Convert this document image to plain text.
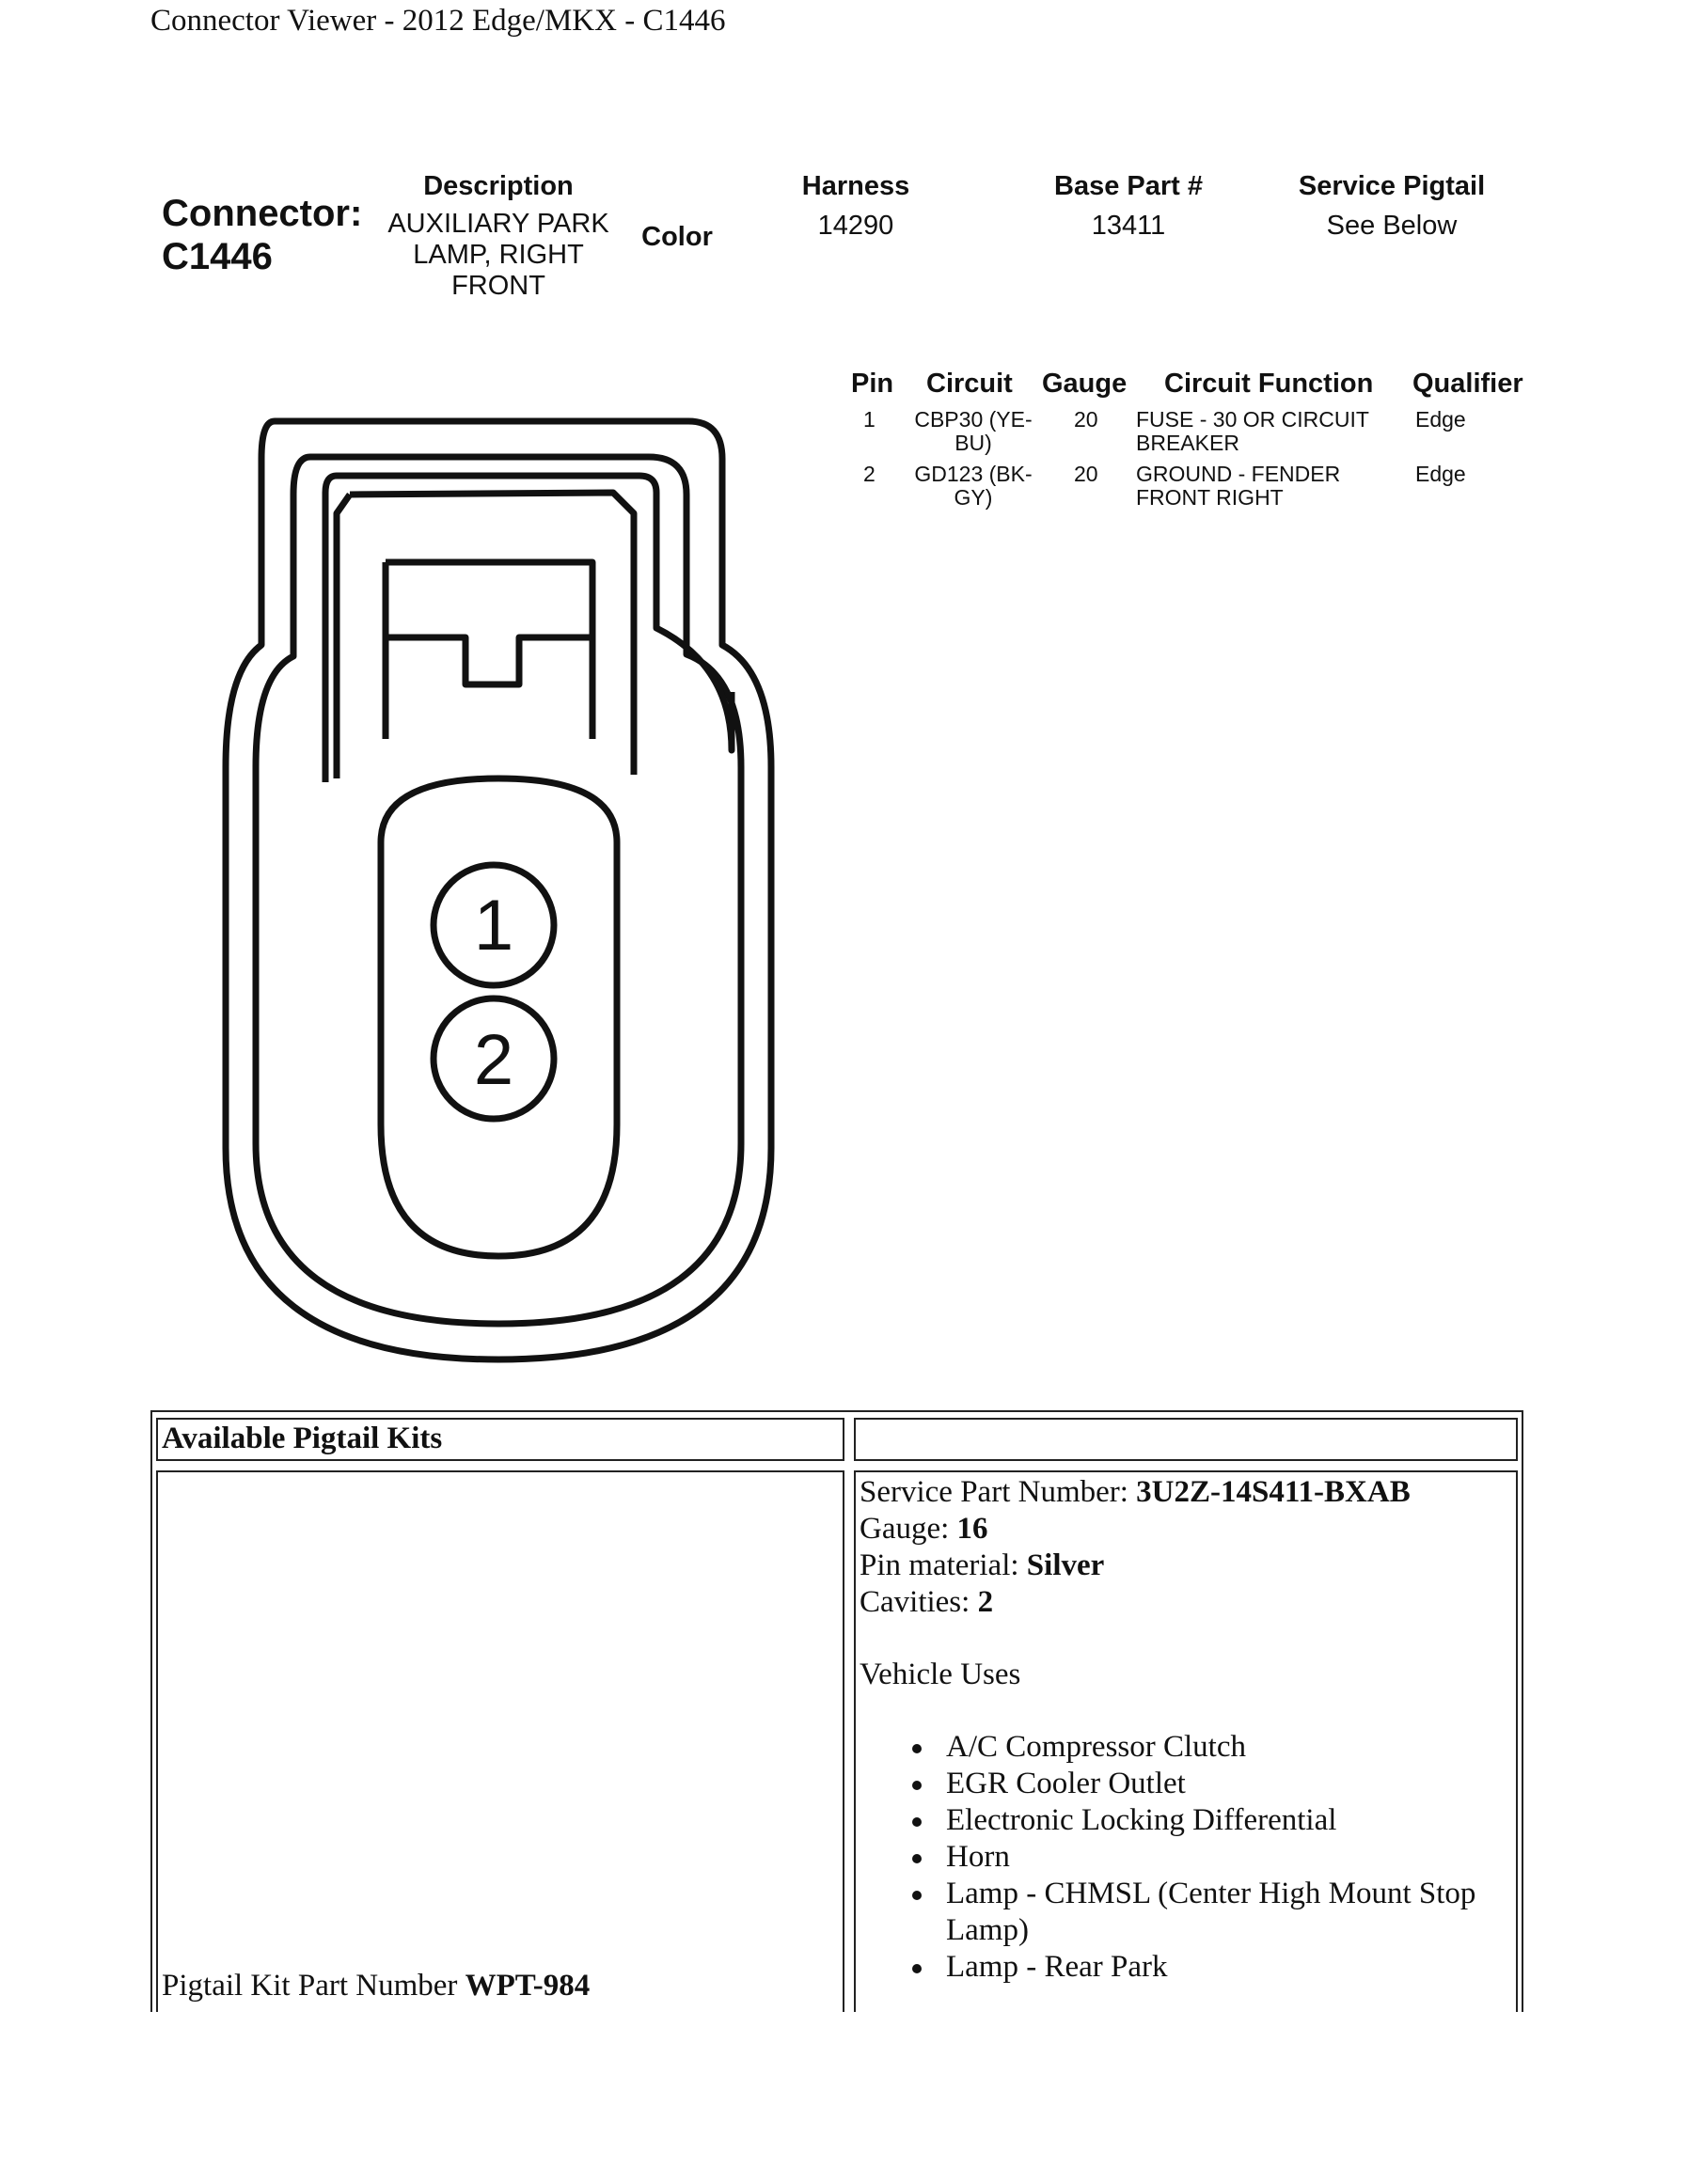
Connector Viewer - 2012 Edge/MKX - C1446
Connector:
C1446
Description
AUXILIARY PARK
LAMP, RIGHT
FRONT
Color
Harness
14290
Base Part #
13411
Service Pigtail
See Below
Pin Circuit Gauge Circuit Function Qualifier
1	CBP30 (YE-
BU)
20 FUSE - 30 OR CIRCUIT
BREAKER
Edge
2	GD123 (BK-
GY)
20 GROUND - FENDER
FRONT RIGHT
Edge
1
2
Available Pigtail Kits
Pigtail Kit Part Number WPT-984
Service Part Number: 3U2Z-14S411-BXAB
Gauge: 16
Pin material: Silver
Cavities: 2
Vehicle Uses
A/C Compressor Clutch
EGR Cooler Outlet
Electronic Locking Differential
Horn
Lamp - CHMSL (Center High Mount Stop Lamp)
Lamp - Rear Park
